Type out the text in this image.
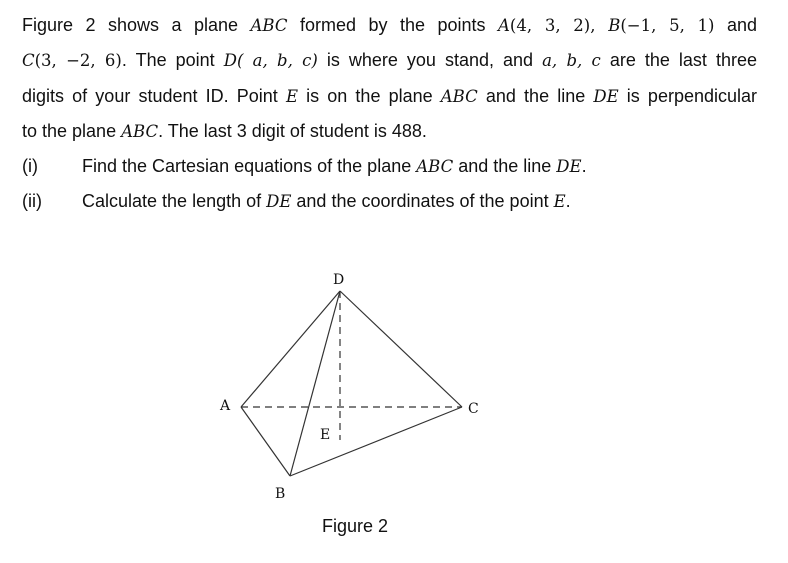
Figure 2 shows a plane ABC formed by the points A(4, 3, 2), B(−1, 5, 1) and
C(3, −2, 6). The point D( a, b, c) is where you stand, and a, b, c are the last three
digits of your student ID. Point E is on the plane ABC and the line DE is perpendicular
to the plane ABC. The last 3 digit of student is 488.
(i) Find the Cartesian equations of the plane ABC and the line DE.
(ii) Calculate the length of DE and the coordinates of the point E.
D
A	C
E
B
Figure 2
